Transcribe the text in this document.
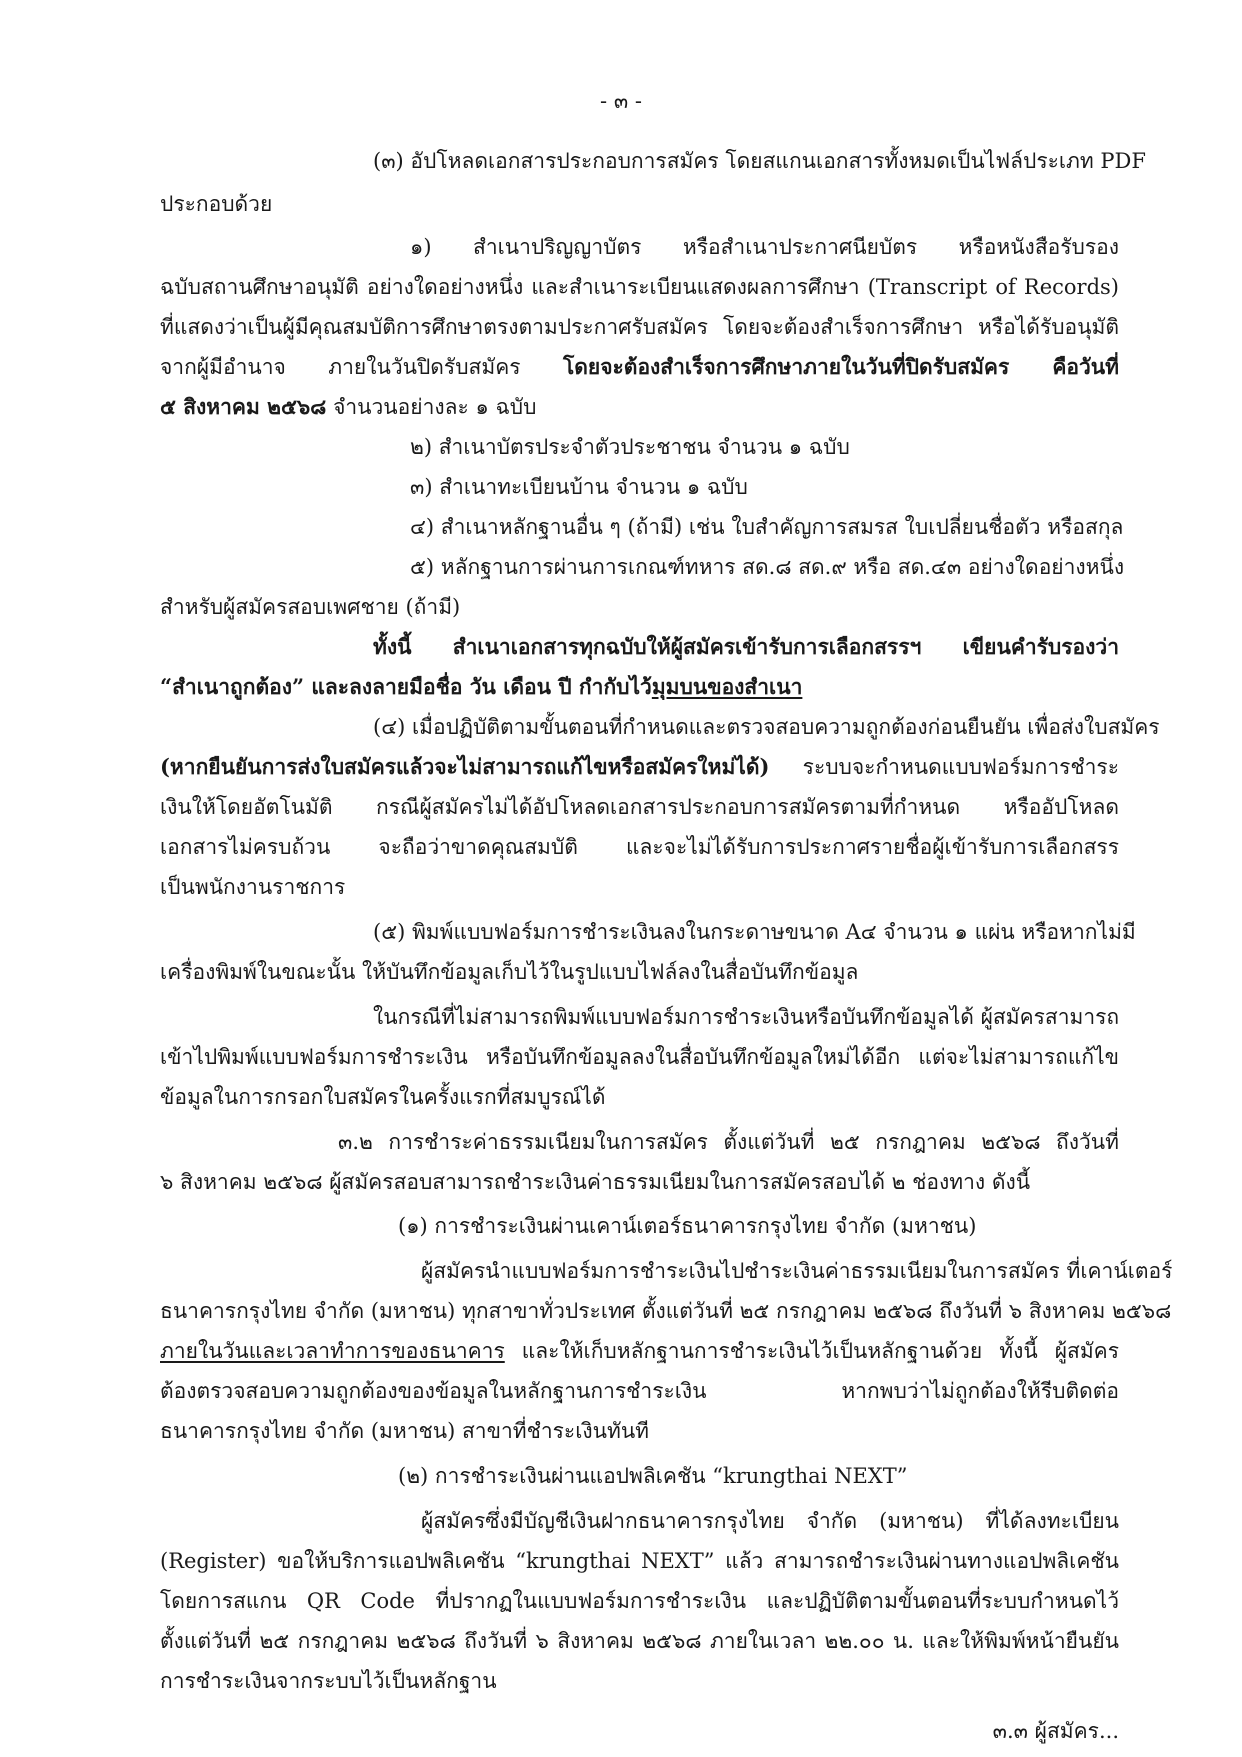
- ๓ -
(๓) อัปโหลดเอกสารประกอบการสมัคร โดยสแกนเอกสารทั้งหมดเป็นไฟล์ประเภท PDF
ประกอบด้วย
๑) สำเนาปริญญาบัตร หรือสำเนาประกาศนียบัตร หรือหนังสือรับรอง
ฉบับสถานศึกษาอนุมัติ อย่างใดอย่างหนึ่ง และสำเนาระเบียนแสดงผลการศึกษา (Transcript of Records)
ที่แสดงว่าเป็นผู้มีคุณสมบัติการศึกษาตรงตามประกาศรับสมัคร โดยจะต้องสำเร็จการศึกษา หรือได้รับอนุมัติ
จากผู้มีอำนาจ ภายในวันปิดรับสมัคร โดยจะต้องสำเร็จการศึกษาภายในวันที่ปิดรับสมัคร คือวันที่
๕ สิงหาคม ๒๕๖๘ จำนวนอย่างละ ๑ ฉบับ
๒) สำเนาบัตรประจำตัวประชาชน จำนวน ๑ ฉบับ
๓) สำเนาทะเบียนบ้าน จำนวน ๑ ฉบับ
๔) สำเนาหลักฐานอื่น ๆ (ถ้ามี) เช่น ใบสำคัญการสมรส ใบเปลี่ยนชื่อตัว หรือสกุล
๕) หลักฐานการผ่านการเกณฑ์ทหาร สด.๘ สด.๙ หรือ สด.๔๓ อย่างใดอย่างหนึ่ง
สำหรับผู้สมัครสอบเพศชาย (ถ้ามี)
ทั้งนี้ สำเนาเอกสารทุกฉบับให้ผู้สมัครเข้ารับการเลือกสรรฯ เขียนคำรับรองว่า
“สำเนาถูกต้อง” และลงลายมือชื่อ วัน เดือน ปี กำกับไว้มุมบนของสำเนา
(๔) เมื่อปฏิบัติตามขั้นตอนที่กำหนดและตรวจสอบความถูกต้องก่อนยืนยัน เพื่อส่งใบสมัคร
(หากยืนยันการส่งใบสมัครแล้วจะไม่สามารถแก้ไขหรือสมัครใหม่ได้) ระบบจะกำหนดแบบฟอร์มการชำระ
เงินให้โดยอัตโนมัติ กรณีผู้สมัครไม่ได้อัปโหลดเอกสารประกอบการสมัครตามที่กำหนด หรืออัปโหลด
เอกสารไม่ครบถ้วน จะถือว่าขาดคุณสมบัติ และจะไม่ได้รับการประกาศรายชื่อผู้เข้ารับการเลือกสรร
เป็นพนักงานราชการ
(๕) พิมพ์แบบฟอร์มการชำระเงินลงในกระดาษขนาด A๔ จำนวน ๑ แผ่น หรือหากไม่มี
เครื่องพิมพ์ในขณะนั้น ให้บันทึกข้อมูลเก็บไว้ในรูปแบบไฟล์ลงในสื่อบันทึกข้อมูล
ในกรณีที่ไม่สามารถพิมพ์แบบฟอร์มการชำระเงินหรือบันทึกข้อมูลได้ ผู้สมัครสามารถ
เข้าไปพิมพ์แบบฟอร์มการชำระเงิน หรือบันทึกข้อมูลลงในสื่อบันทึกข้อมูลใหม่ได้อีก แต่จะไม่สามารถแก้ไข
ข้อมูลในการกรอกใบสมัครในครั้งแรกที่สมบูรณ์ได้
๓.๒ การชำระค่าธรรมเนียมในการสมัคร ตั้งแต่วันที่ ๒๕ กรกฎาคม ๒๕๖๘ ถึงวันที่
๖ สิงหาคม ๒๕๖๘ ผู้สมัครสอบสามารถชำระเงินค่าธรรมเนียมในการสมัครสอบได้ ๒ ช่องทาง ดังนี้
(๑) การชำระเงินผ่านเคาน์เตอร์ธนาคารกรุงไทย จำกัด (มหาชน)
ผู้สมัครนำแบบฟอร์มการชำระเงินไปชำระเงินค่าธรรมเนียมในการสมัคร ที่เคาน์เตอร์
ธนาคารกรุงไทย จำกัด (มหาชน) ทุกสาขาทั่วประเทศ ตั้งแต่วันที่ ๒๕ กรกฎาคม ๒๕๖๘ ถึงวันที่ ๖ สิงหาคม ๒๕๖๘
ภายในวันและเวลาทำการของธนาคาร และให้เก็บหลักฐานการชำระเงินไว้เป็นหลักฐานด้วย ทั้งนี้ ผู้สมัคร
ต้องตรวจสอบความถูกต้องของข้อมูลในหลักฐานการชำระเงิน หากพบว่าไม่ถูกต้องให้รีบติดต่อ
ธนาคารกรุงไทย จำกัด (มหาชน) สาขาที่ชำระเงินทันที
(๒) การชำระเงินผ่านแอปพลิเคชัน “krungthai NEXT”
ผู้สมัครซึ่งมีบัญชีเงินฝากธนาคารกรุงไทย จำกัด (มหาชน) ที่ได้ลงทะเบียน
(Register) ขอให้บริการแอปพลิเคชัน “krungthai NEXT” แล้ว สามารถชำระเงินผ่านทางแอปพลิเคชัน
โดยการสแกน QR Code ที่ปรากฏในแบบฟอร์มการชำระเงิน และปฏิบัติตามขั้นตอนที่ระบบกำหนดไว้
ตั้งแต่วันที่ ๒๕ กรกฎาคม ๒๕๖๘ ถึงวันที่ ๖ สิงหาคม ๒๕๖๘ ภายในเวลา ๒๒.๐๐ น. และให้พิมพ์หน้ายืนยัน
การชำระเงินจากระบบไว้เป็นหลักฐาน
๓.๓ ผู้สมัคร...
